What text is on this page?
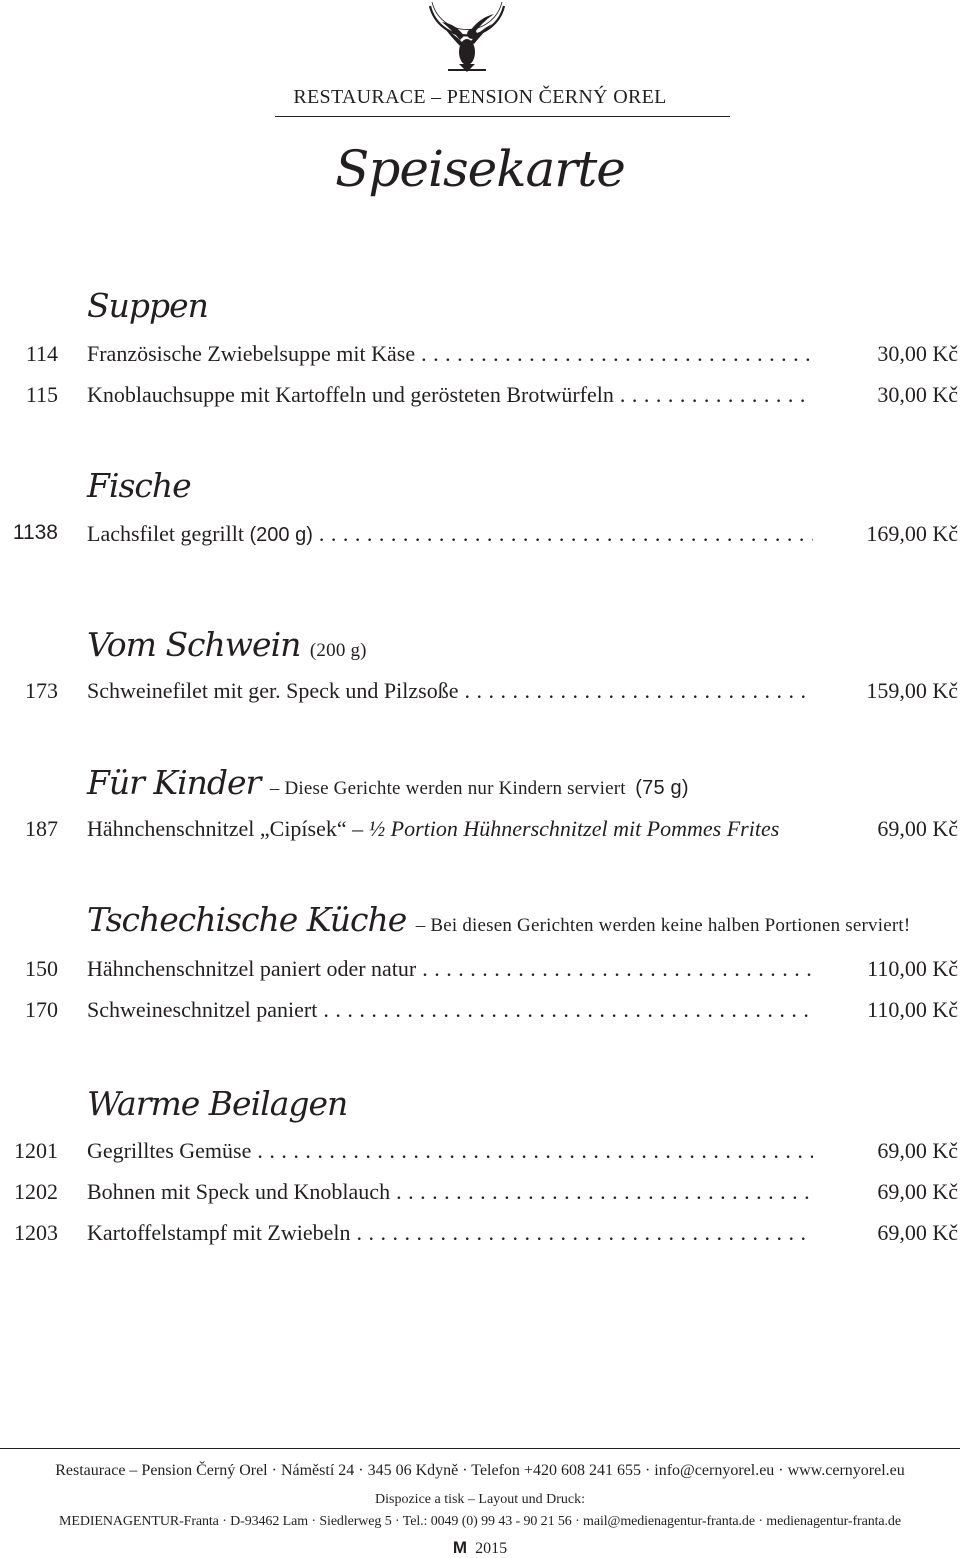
RESTAURACE – PENSION ČERNÝ OREL
Speisekarte
Suppen
114 Französische Zwiebelsuppe mit Käse . . .	30,00 Kč
115 Knoblauchsuppe mit Kartoffeln und gerösteten Brotwürfeln . . .	30,00 Kč
Fische
1138 Lachsfilet gegrillt (200 g) . . .	169,00 Kč
Vom Schwein (200 g)
173 Schweinefilet mit ger. Speck und Pilzsoße . . .	159,00 Kč
Für Kinder – Diese Gerichte werden nur Kindern serviert (75 g)
187 Hähnchenschnitzel „Cipísek“ – ½ Portion Hühnerschnitzel mit Pommes Frites	69,00 Kč
Tschechische Küche – Bei diesen Gerichten werden keine halben Portionen serviert!
150 Hähnchenschnitzel paniert oder natur . . .	110,00 Kč
170 Schweineschnitzel paniert . . .	110,00 Kč
Warme Beilagen
1201 Gegrilltes Gemüse . . .	69,00 Kč
1202 Bohnen mit Speck und Knoblauch . . .	69,00 Kč
1203 Kartoffelstampf mit Zwiebeln . . .	69,00 Kč
Restaurace – Pension Černý Orel · Náměstí 24 · 345 06 Kdyně · Telefon +420 608 241 655 · info@cernyorel.eu · www.cernyorel.eu
Dispozice a tisk – Layout und Druck:
MEDIENAGENTUR-Franta · D-93462 Lam · Siedlerweg 5 · Tel.: 0049 (0) 99 43 - 90 21 56 · mail@medienagentur-franta.de · medienagentur-franta.de
M 2015
